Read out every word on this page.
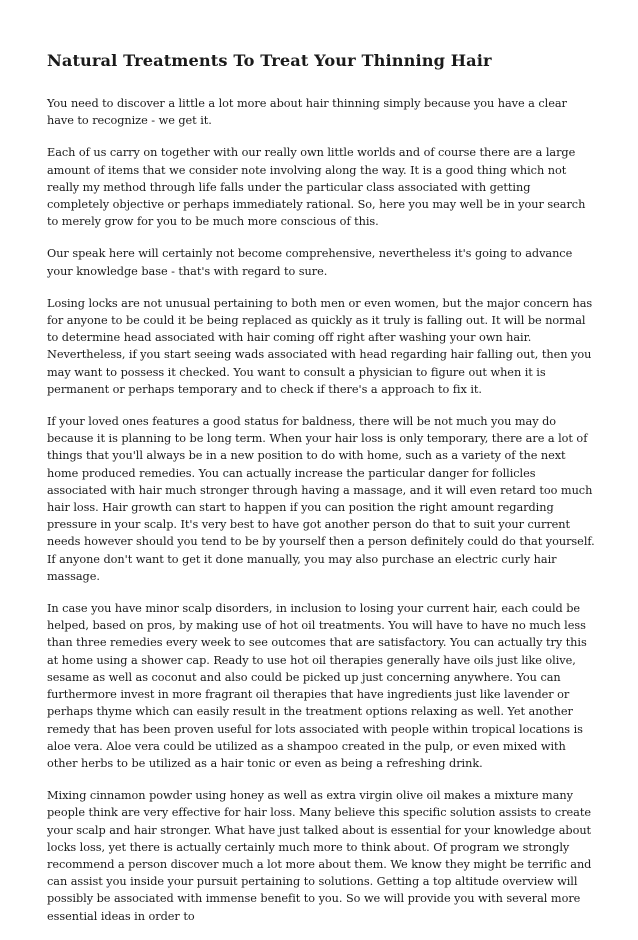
Natural Treatments To Treat Your Thinning Hair

You need to discover a little a lot more about hair thinning simply because you have a clear have to recognize - we get it.

Each of us carry on together with our really own little worlds and of course there are a large amount of items that we consider note involving along the way. It is a good thing which not really my method through life falls under the particular class associated with getting completely objective or perhaps immediately rational. So, here you may well be in your search to merely grow for you to be much more conscious of this.

Our speak here will certainly not become comprehensive, nevertheless it's going to advance your knowledge base - that's with regard to sure.

Losing locks are not unusual pertaining to both men or even women, but the major concern has for anyone to be could it be being replaced as quickly as it truly is falling out. It will be normal to determine head associated with hair coming off right after washing your own hair. Nevertheless, if you start seeing wads associated with head regarding hair falling out, then you may want to possess it checked. You want to consult a physician to figure out when it is permanent or perhaps temporary and to check if there's a approach to fix it.

If your loved ones features a good status for baldness, there will be not much you may do because it is planning to be long term. When your hair loss is only temporary, there are a lot of things that you'll always be in a new position to do with home, such as a variety of the next home produced remedies. You can actually increase the particular danger for follicles associated with hair much stronger through having a massage, and it will even retard too much hair loss. Hair growth can start to happen if you can position the right amount regarding pressure in your scalp. It's very best to have got another person do that to suit your current needs however should you tend to be by yourself then a person definitely could do that yourself. If anyone don't want to get it done manually, you may also purchase an electric curly hair massage.

In case you have minor scalp disorders, in inclusion to losing your current hair, each could be helped, based on pros, by making use of hot oil treatments. You will have to have no much less than three remedies every week to see outcomes that are satisfactory. You can actually try this at home using a shower cap. Ready to use hot oil therapies generally have oils just like olive, sesame as well as coconut and also could be picked up just concerning anywhere. You can furthermore invest in more fragrant oil therapies that have ingredients just like lavender or perhaps thyme which can easily result in the treatment options relaxing as well. Yet another remedy that has been proven useful for lots associated with people within tropical locations is aloe vera. Aloe vera could be utilized as a shampoo created in the pulp, or even mixed with other herbs to be utilized as a hair tonic or even as being a refreshing drink.

Mixing cinnamon powder using honey as well as extra virgin olive oil makes a mixture many people think are very effective for hair loss. Many believe this specific solution assists to create your scalp and hair stronger. What have just talked about is essential for your knowledge about locks loss, yet there is actually certainly much more to think about. Of program we strongly recommend a person discover much a lot more about them. We know they might be terrific and can assist you inside your pursuit pertaining to solutions. Getting a top altitude overview will possibly be associated with immense benefit to you. So we will provide you with several more essential ideas in order to
